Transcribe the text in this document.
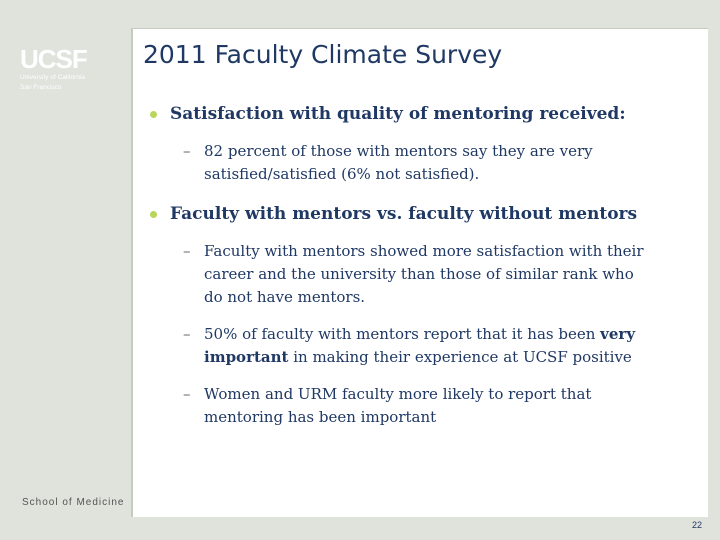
UCSF
University of California
San Francisco
School of Medicine
2011 Faculty Climate Survey
Satisfaction with quality of mentoring received:
– 82 percent of those with mentors say they are very satisfied/satisfied (6% not satisfied).
Faculty with mentors vs. faculty without mentors
– Faculty with mentors showed more satisfaction with their career and the university than those of similar rank who do not have mentors.
– 50% of faculty with mentors report that it has been very important in making their experience at UCSF positive
– Women and URM faculty more likely to report that mentoring has been important
22
